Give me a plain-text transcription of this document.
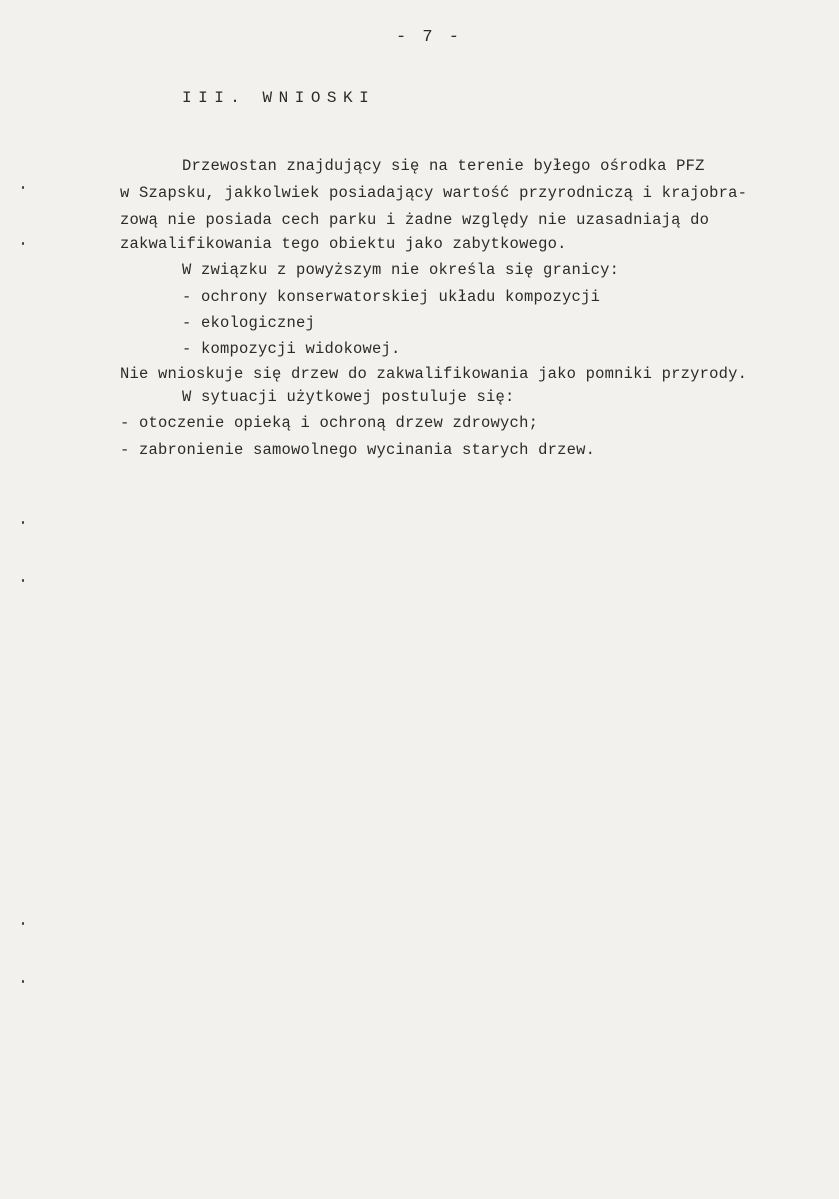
- 7 -
III. WNIOSKI
Drzewostan znajdujący się na terenie byłego ośrodka PFZ
w Szapsku, jakkolwiek posiadający wartość przyrodniczą i krajobra-
zową nie posiada cech parku i żadne względy nie uzasadniają do
zakwalifikowania tego obiektu jako zabytkowego.
W związku z powyższym nie określa się granicy:
- ochrony konserwatorskiej układu kompozycji
- ekologicznej
- kompozycji widokowej.
Nie wnioskuje się drzew do zakwalifikowania jako pomniki przyrody.
W sytuacji użytkowej postuluje się:
- otoczenie opieką i ochroną drzew zdrowych;
- zabronienie samowolnego wycinania starych drzew.
